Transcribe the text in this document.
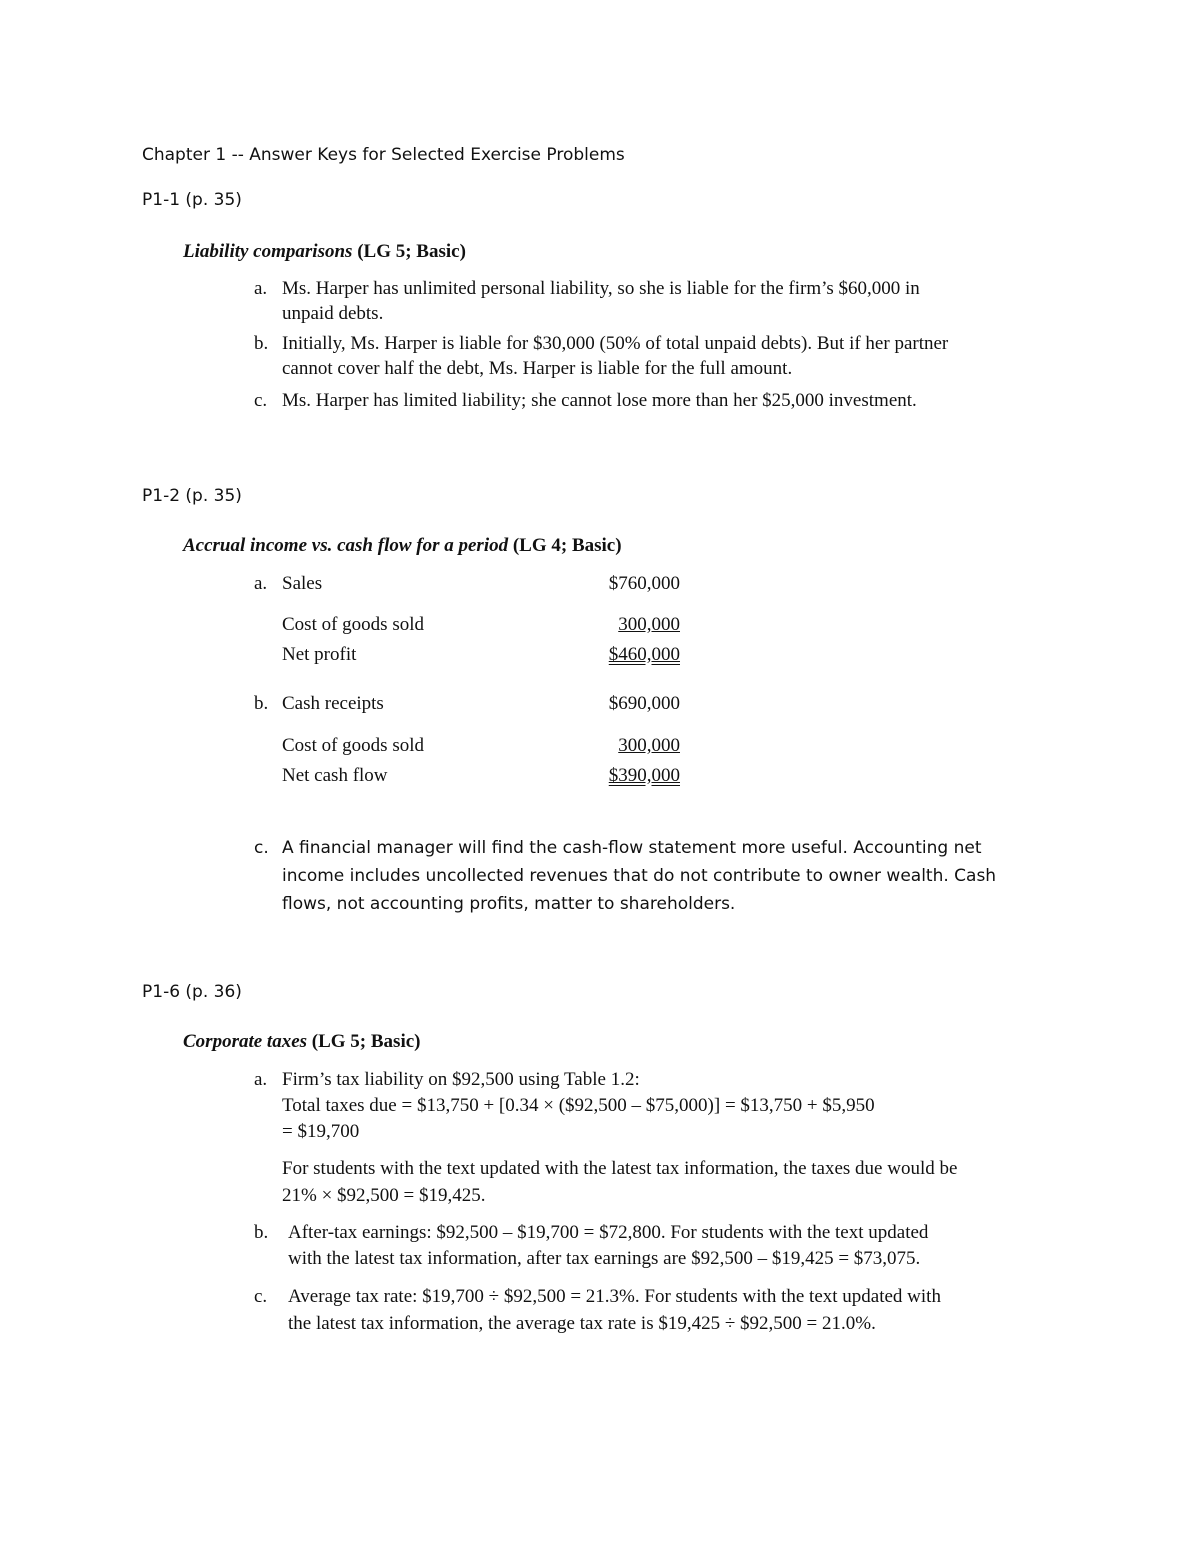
Chapter 1 -- Answer Keys for Selected Exercise Problems
P1-1 (p. 35)
Liability comparisons (LG 5; Basic)
a. Ms. Harper has unlimited personal liability, so she is liable for the firm’s $60,000 in
unpaid debts.
b. Initially, Ms. Harper is liable for $30,000 (50% of total unpaid debts). But if her partner
cannot cover half the debt, Ms. Harper is liable for the full amount.
c. Ms. Harper has limited liability; she cannot lose more than her $25,000 investment.
P1-2 (p. 35)
Accrual income vs. cash flow for a period (LG 4; Basic)
a. Sales	$760,000
Cost of goods sold	300,000
Net profit	$460,000
b. Cash receipts	$690,000
Cost of goods sold	300,000
Net cash flow	$390,000
c. A financial manager will find the cash-flow statement more useful. Accounting net
income includes uncollected revenues that do not contribute to owner wealth. Cash
flows, not accounting profits, matter to shareholders.
P1-6 (p. 36)
Corporate taxes (LG 5; Basic)
a. Firm’s tax liability on $92,500 using Table 1.2:
Total taxes due = $13,750 + [0.34 × ($92,500 – $75,000)] = $13,750 + $5,950
= $19,700
For students with the text updated with the latest tax information, the taxes due would be
21% × $92,500 = $19,425.
b. After-tax earnings: $92,500 – $19,700 = $72,800. For students with the text updated
with the latest tax information, after tax earnings are $92,500 – $19,425 = $73,075.
c. Average tax rate: $19,700 ÷ $92,500 = 21.3%. For students with the text updated with
the latest tax information, the average tax rate is $19,425 ÷ $92,500 = 21.0%.
